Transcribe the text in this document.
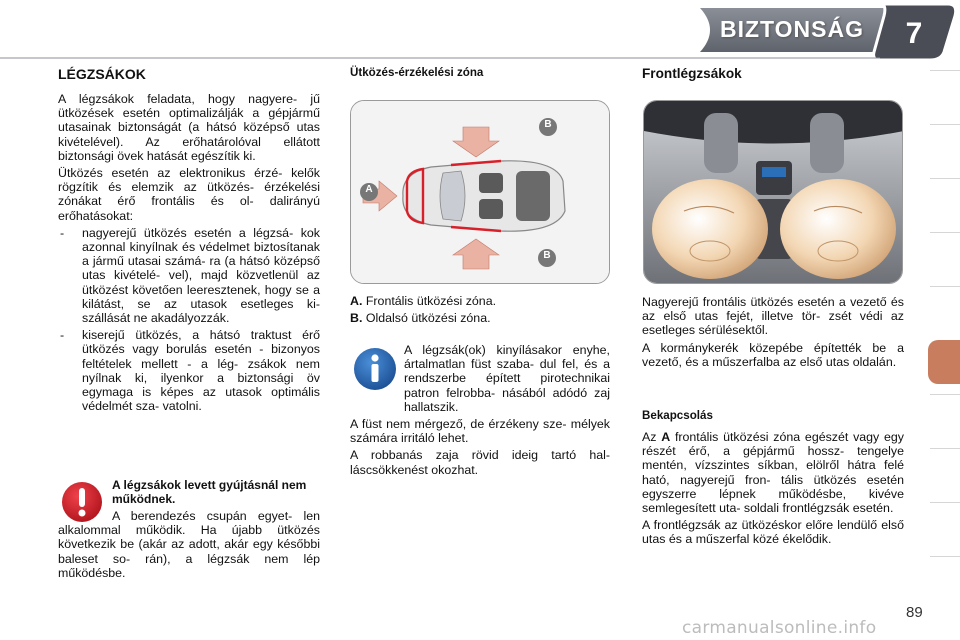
BIZTONSÁG	7
LÉGZSÁKOK

A légzsákok feladata, hogy nagyere- jű ütközések esetén optimalizálják a gépjármű utasainak biztonságát (a hátsó középső utas kivételével). Az erőhatárolóval ellátott biztonsági övek hatását egészítik ki.

Ütközés esetén az elektronikus érzé- kelők rögzítik és elemzik az ütközés- érzékelési zónákat érő frontális és ol- dalirányú erőhatásokat:

-	nagyerejű ütközés esetén a légzsá- kok azonnal kinyílnak és védelmet biztosítanak a jármű utasai számá- ra (a hátsó középső utas kivételé- vel), majd közvetlenül az ütközést követően leeresztenek, hogy se a kilátást, se az utasok esetleges ki- szállását ne akadályozzák.
-	kiserejű ütközés, a hátsó traktust érő ütközés vagy borulás esetén - bizonyos feltételek mellett - a lég- zsákok nem nyílnak ki, ilyenkor a biztonsági öv egymaga is képes az utasok optimális védelmét sza- vatolni.
A légzsákok levett gyújtásnál nem működnek.
A berendezés csupán egyet- len alkalommal működik. Ha újabb ütközés következik be (akár az adott, akár egy későbbi baleset so- rán), a légzsák nem lép működésbe.
Ütközés-érzékelési zóna
B
B
A

A. Frontális ütközési zóna.

B. Oldalsó ütközési zóna.

A légzsák(ok) kinyílásakor enyhe, ártalmatlan füst szaba- dul fel, és a rendszerbe épített pirotechnikai patron felrobba- násából adódó zaj hallatszik.

A füst nem mérgező, de érzékeny sze- mélyek számára irritáló lehet.

A robbanás zaja rövid ideig tartó hal- láscsökkenést okozhat.

Frontlégzsákok

Nagyerejű frontális ütközés esetén a vezető és az első utas fejét, illetve tör- zsét védi az esetleges sérülésektől.

A kormánykerék közepébe építették be a vezető, és a műszerfalba az első utas oldalán.

Bekapcsolás

Az A frontális ütközési zóna egészét vagy egy részét érő, a gépjármű hossz- tengelye mentén, vízszintes síkban, elölről hátra felé ható, nagyerejű fron- tális ütközés esetén egyszerre lépnek működésbe, kivéve semlegesített uta- soldali frontlégzsák esetén.

A frontlégzsák az ütközéskor előre lendülő első utas és a műszerfal közé ékelődik.

89
carmanualsonline.info
